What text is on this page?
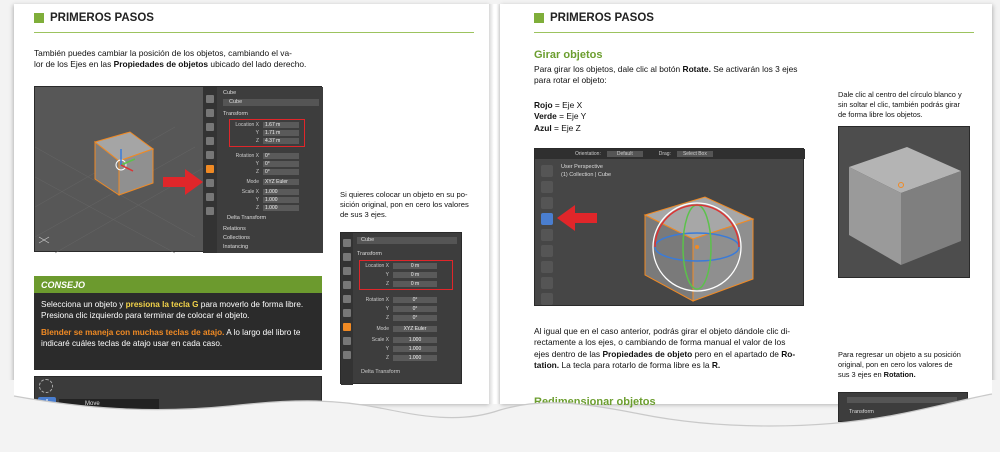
PRIMEROS PASOS
También puedes cambiar la posición de los objetos, cambiando el va-
lor de los Ejes en las Propiedades de objetos ubicado del lado derecho.
Cube
Cube
Transform
Location X	1.67 m
Y	1.71 m
Z	4.37 m
Rotation X	0°
Y	0°
Z	0°
Mode	XYZ Euler
Scale X	1.000
Y	1.000
Z	1.000
Delta Transform
Relations
Collections
Instancing
Si quieres colocar un objeto en su po-
sición original, pon en cero los valores
de sus 3 ejes.
Cube
Transform
Location X	0 m
Y	0 m
Z	0 m
Rotation X	0°
Y	0°
Z	0°
Mode	XYZ Euler
Scale X	1.000
Y	1.000
Z	1.000
Delta Transform
CONSEJO
Selecciona un objeto y presiona la tecla G para moverlo de forma libre. Presiona clic izquierdo para terminar de colocar el objeto.
Blender se maneja con muchas teclas de atajo. A lo largo del libro te indicaré cuáles teclas de atajo usar en cada caso.
Move
PRIMEROS PASOS
Girar objetos
Para girar los objetos, dale clic al botón Rotate. Se activarán los 3 ejes
para rotar el objeto:
Rojo = Eje X
Verde = Eje Y
Azul = Eje Z
Dale clic al centro del círculo blanco y
sin soltar el clic, también podrás girar
de forma libre los objetos.
Orientation:	Default	Drag:	Select Box
User Perspective
(1) Collection | Cube
Al igual que en el caso anterior, podrás girar el objeto dándole clic di-
rectamente a los ejes, o cambiando de forma manual el valor de los
ejes dentro de las Propiedades de objeto pero en el apartado de Ro-
tation. La tecla para rotarlo de forma libre es la R.
Para regresar un objeto a su posición
original, pon en cero los valores de
sus 3 ejes en Rotation.
Redimensionar objetos
Transform
